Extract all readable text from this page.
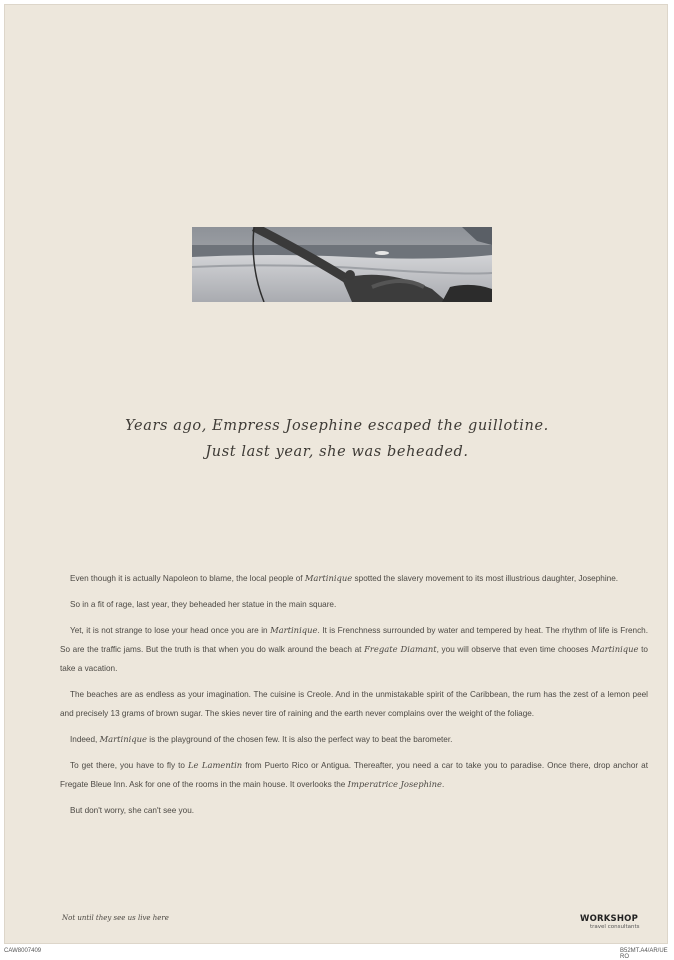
Years ago, Empress Josephine escaped the guillotine.
Just last year, she was beheaded.

Even though it is actually Napoleon to blame, the local people of Martinique spotted the slavery movement to its most illustrious daughter, Josephine.

So in a fit of rage, last year, they beheaded her statue in the main square.

Yet, it is not strange to lose your head once you are in Martinique. It is Frenchness surrounded by water and tempered by heat. The rhythm of life is French. So are the traffic jams. But the truth is that when you do walk around the beach at Fregate Diamant, you will observe that even time chooses Martinique to take a vacation.

The beaches are as endless as your imagination. The cuisine is Creole. And in the unmistakable spirit of the Caribbean, the rum has the zest of a lemon peel and precisely 13 grams of brown sugar. The skies never tire of raining and the earth never complains over the weight of the foliage.

Indeed, Martinique is the playground of the chosen few. It is also the perfect way to beat the barometer.

To get there, you have to fly to Le Lamentin from Puerto Rico or Antigua. Thereafter, you need a car to take you to paradise. Once there, drop anchor at Fregate Bleue Inn. Ask for one of the rooms in the main house. It overlooks the Imperatrice Josephine.

But don't worry, she can't see you.

Not until they see us live here	WORKSHOP
travel consultants
CAW8007409	B52MT.A4/AR/UE RO
